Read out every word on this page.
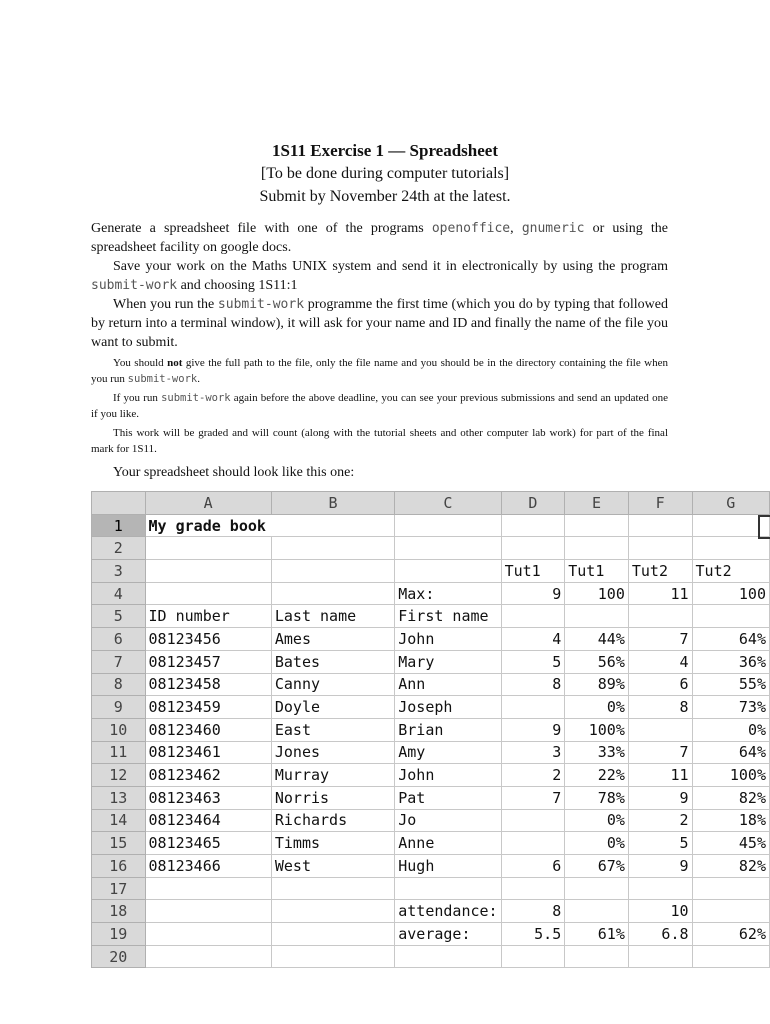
1S11 Exercise 1 — Spreadsheet
[To be done during computer tutorials]
Submit by November 24th at the latest.

Generate a spreadsheet file with one of the programs openoffice, gnumeric or using the spreadsheet facility on google docs.

Save your work on the Maths UNIX system and send it in electronically by using the program submit-work and choosing 1S11:1

When you run the submit-work programme the first time (which you do by typing that followed by return into a terminal window), it will ask for your name and ID and finally the name of the file you want to submit.

You should not give the full path to the file, only the file name and you should be in the directory containing the file when you run submit-work.

If you run submit-work again before the above deadline, you can see your previous submissions and send an updated one if you like.

This work will be graded and will count (along with the tutorial sheets and other computer lab work) for part of the final mark for 1S11.

Your spreadsheet should look like this one:

	A	B	C	D	E	F	G
1	My grade book						
2							
3				Tut1	Tut1	Tut2	Tut2
4			Max:	9	100	11	100
5	ID number	Last name	First name				
6	08123456	Ames	John	4	44%	7	64%
7	08123457	Bates	Mary	5	56%	4	36%
8	08123458	Canny	Ann	8	89%	6	55%
9	08123459	Doyle	Joseph		0%	8	73%
10	08123460	East	Brian	9	100%		0%
11	08123461	Jones	Amy	3	33%	7	64%
12	08123462	Murray	John	2	22%	11	100%
13	08123463	Norris	Pat	7	78%	9	82%
14	08123464	Richards	Jo		0%	2	18%
15	08123465	Timms	Anne		0%	5	45%
16	08123466	West	Hugh	6	67%	9	82%
17							
18			attendance:	8		10	
19			average:	5.5	61%	6.8	62%
20							
